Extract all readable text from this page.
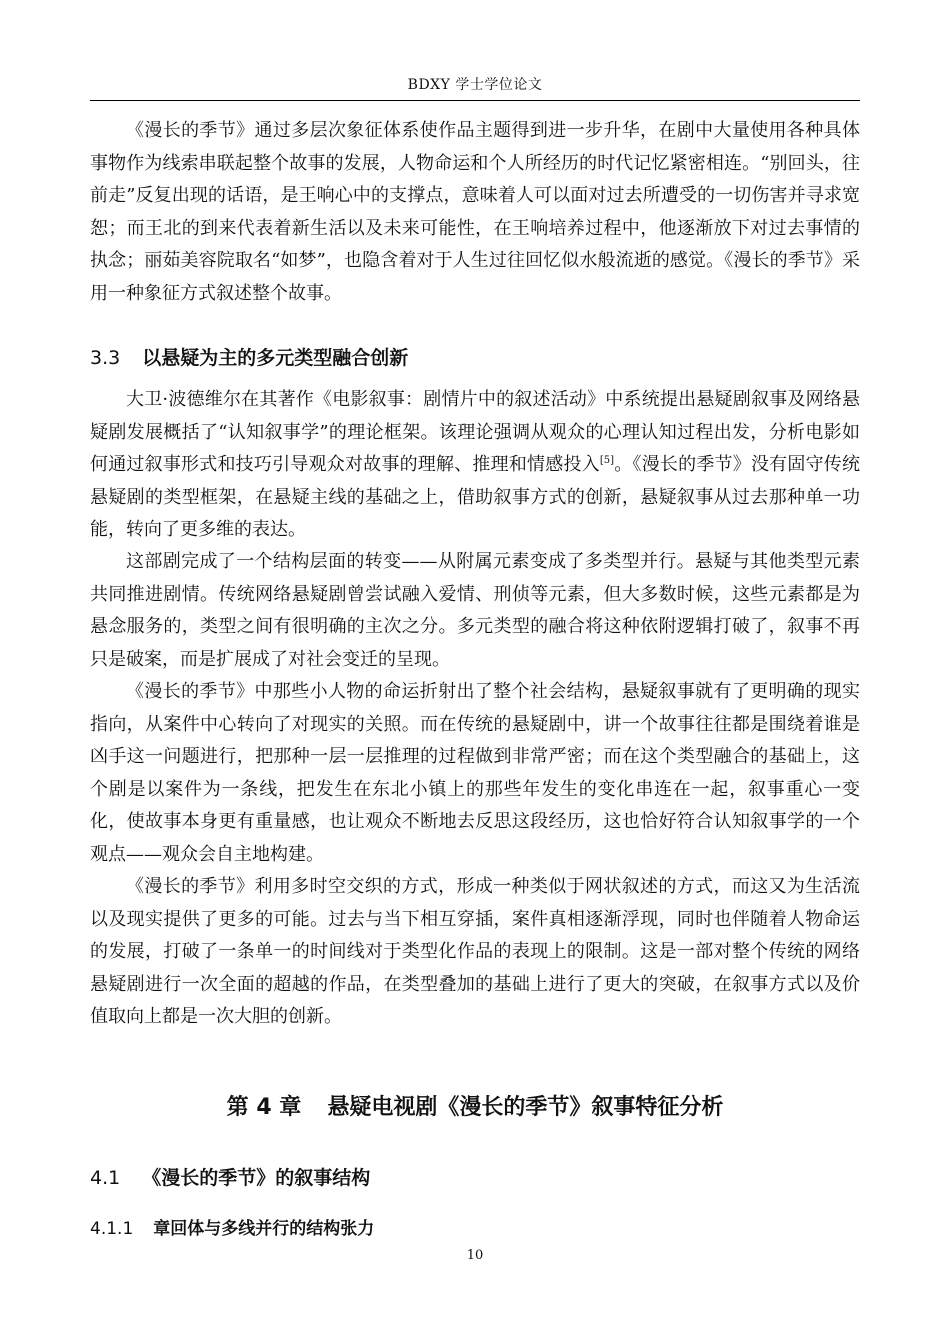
BDXY 学士学位论文

《漫长的季节》通过多层次象征体系使作品主题得到进一步升华，在剧中大量使用各种具体事物作为线索串联起整个故事的发展，人物命运和个人所经历的时代记忆紧密相连。“别回头，往前走”反复出现的话语，是王响心中的支撑点，意味着人可以面对过去所遭受的一切伤害并寻求宽恕；而王北的到来代表着新生活以及未来可能性，在王响培养过程中，他逐渐放下对过去事情的执念；丽茹美容院取名“如梦”，也隐含着对于人生过往回忆似水般流逝的感觉。《漫长的季节》采用一种象征方式叙述整个故事。

3.3 以悬疑为主的多元类型融合创新

大卫·波德维尔在其著作《电影叙事：剧情片中的叙述活动》中系统提出悬疑剧叙事及网络悬疑剧发展概括了“认知叙事学”的理论框架。该理论强调从观众的心理认知过程出发，分析电影如何通过叙事形式和技巧引导观众对故事的理解、推理和情感投入[5]。《漫长的季节》没有固守传统悬疑剧的类型框架，在悬疑主线的基础之上，借助叙事方式的创新，悬疑叙事从过去那种单一功能，转向了更多维的表达。

这部剧完成了一个结构层面的转变——从附属元素变成了多类型并行。悬疑与其他类型元素共同推进剧情。传统网络悬疑剧曾尝试融入爱情、刑侦等元素，但大多数时候，这些元素都是为悬念服务的，类型之间有很明确的主次之分。多元类型的融合将这种依附逻辑打破了，叙事不再只是破案，而是扩展成了对社会变迁的呈现。

《漫长的季节》中那些小人物的命运折射出了整个社会结构，悬疑叙事就有了更明确的现实指向，从案件中心转向了对现实的关照。而在传统的悬疑剧中，讲一个故事往往都是围绕着谁是凶手这一问题进行，把那种一层一层推理的过程做到非常严密；而在这个类型融合的基础上，这个剧是以案件为一条线，把发生在东北小镇上的那些年发生的变化串连在一起，叙事重心一变化，使故事本身更有重量感，也让观众不断地去反思这段经历，这也恰好符合认知叙事学的一个观点——观众会自主地构建。

《漫长的季节》利用多时空交织的方式，形成一种类似于网状叙述的方式，而这又为生活流以及现实提供了更多的可能。过去与当下相互穿插，案件真相逐渐浮现，同时也伴随着人物命运的发展，打破了一条单一的时间线对于类型化作品的表现上的限制。这是一部对整个传统的网络悬疑剧进行一次全面的超越的作品，在类型叠加的基础上进行了更大的突破，在叙事方式以及价值取向上都是一次大胆的创新。

第 4 章 悬疑电视剧《漫长的季节》叙事特征分析
4.1 《漫长的季节》的叙事结构
4.1.1 章回体与多线并行的结构张力
10
